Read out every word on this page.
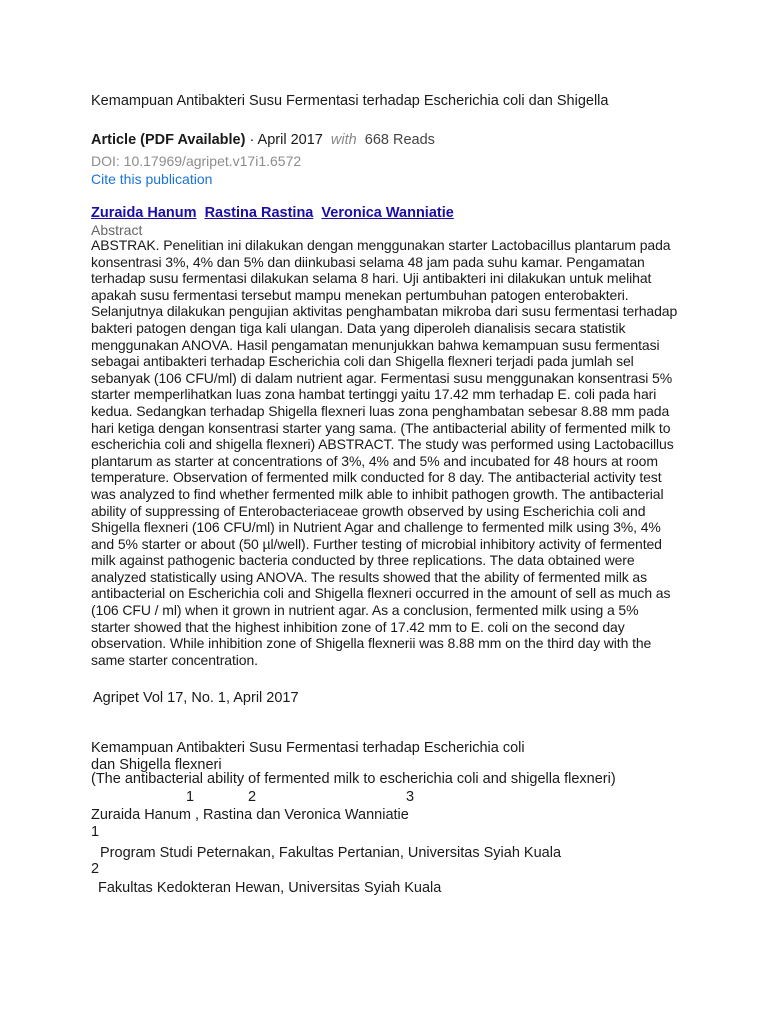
Kemampuan Antibakteri Susu Fermentasi terhadap Escherichia coli dan Shigella
Article (PDF Available) · April 2017 with 668 Reads
DOI: 10.17969/agripet.v17i1.6572
Cite this publication
Zuraida Hanum Rastina Rastina Veronica Wanniatie
Abstract
ABSTRAK. Penelitian ini dilakukan dengan menggunakan starter Lactobacillus plantarum pada
konsentrasi 3%, 4% dan 5% dan diinkubasi selama 48 jam pada suhu kamar. Pengamatan
terhadap susu fermentasi dilakukan selama 8 hari. Uji antibakteri ini dilakukan untuk melihat
apakah susu fermentasi tersebut mampu menekan pertumbuhan patogen enterobakteri.
Selanjutnya dilakukan pengujian aktivitas penghambatan mikroba dari susu fermentasi terhadap
bakteri patogen dengan tiga kali ulangan. Data yang diperoleh dianalisis secara statistik
menggunakan ANOVA. Hasil pengamatan menunjukkan bahwa kemampuan susu fermentasi
sebagai antibakteri terhadap Escherichia coli dan Shigella flexneri terjadi pada jumlah sel
sebanyak (106 CFU/ml) di dalam nutrient agar. Fermentasi susu menggunakan konsentrasi 5%
starter memperlihatkan luas zona hambat tertinggi yaitu 17.42 mm terhadap E. coli pada hari
kedua. Sedangkan terhadap Shigella flexneri luas zona penghambatan sebesar 8.88 mm pada
hari ketiga dengan konsentrasi starter yang sama. (The antibacterial ability of fermented milk to
escherichia coli and shigella flexneri) ABSTRACT. The study was performed using Lactobacillus
plantarum as starter at concentrations of 3%, 4% and 5% and incubated for 48 hours at room
temperature. Observation of fermented milk conducted for 8 day. The antibacterial activity test
was analyzed to find whether fermented milk able to inhibit pathogen growth. The antibacterial
ability of suppressing of Enterobacteriaceae growth observed by using Escherichia coli and
Shigella flexneri (106 CFU/ml) in Nutrient Agar and challenge to fermented milk using 3%, 4%
and 5% starter or about (50 µl/well). Further testing of microbial inhibitory activity of fermented
milk against pathogenic bacteria conducted by three replications. The data obtained were
analyzed statistically using ANOVA. The results showed that the ability of fermented milk as
antibacterial on Escherichia coli and Shigella flexneri occurred in the amount of sell as much as
(106 CFU / ml) when it grown in nutrient agar. As a conclusion, fermented milk using a 5%
starter showed that the highest inhibition zone of 17.42 mm to E. coli on the second day
observation. While inhibition zone of Shigella flexnerii was 8.88 mm on the third day with the
same starter concentration.
Agripet Vol 17, No. 1, April 2017
Kemampuan Antibakteri Susu Fermentasi terhadap Escherichia coli
dan Shigella flexneri
(The antibacterial ability of fermented milk to escherichia coli and shigella flexneri)
1	2	3
Zuraida Hanum , Rastina dan Veronica Wanniatie
1
Program Studi Peternakan, Fakultas Pertanian, Universitas Syiah Kuala
2
Fakultas Kedokteran Hewan, Universitas Syiah Kuala
